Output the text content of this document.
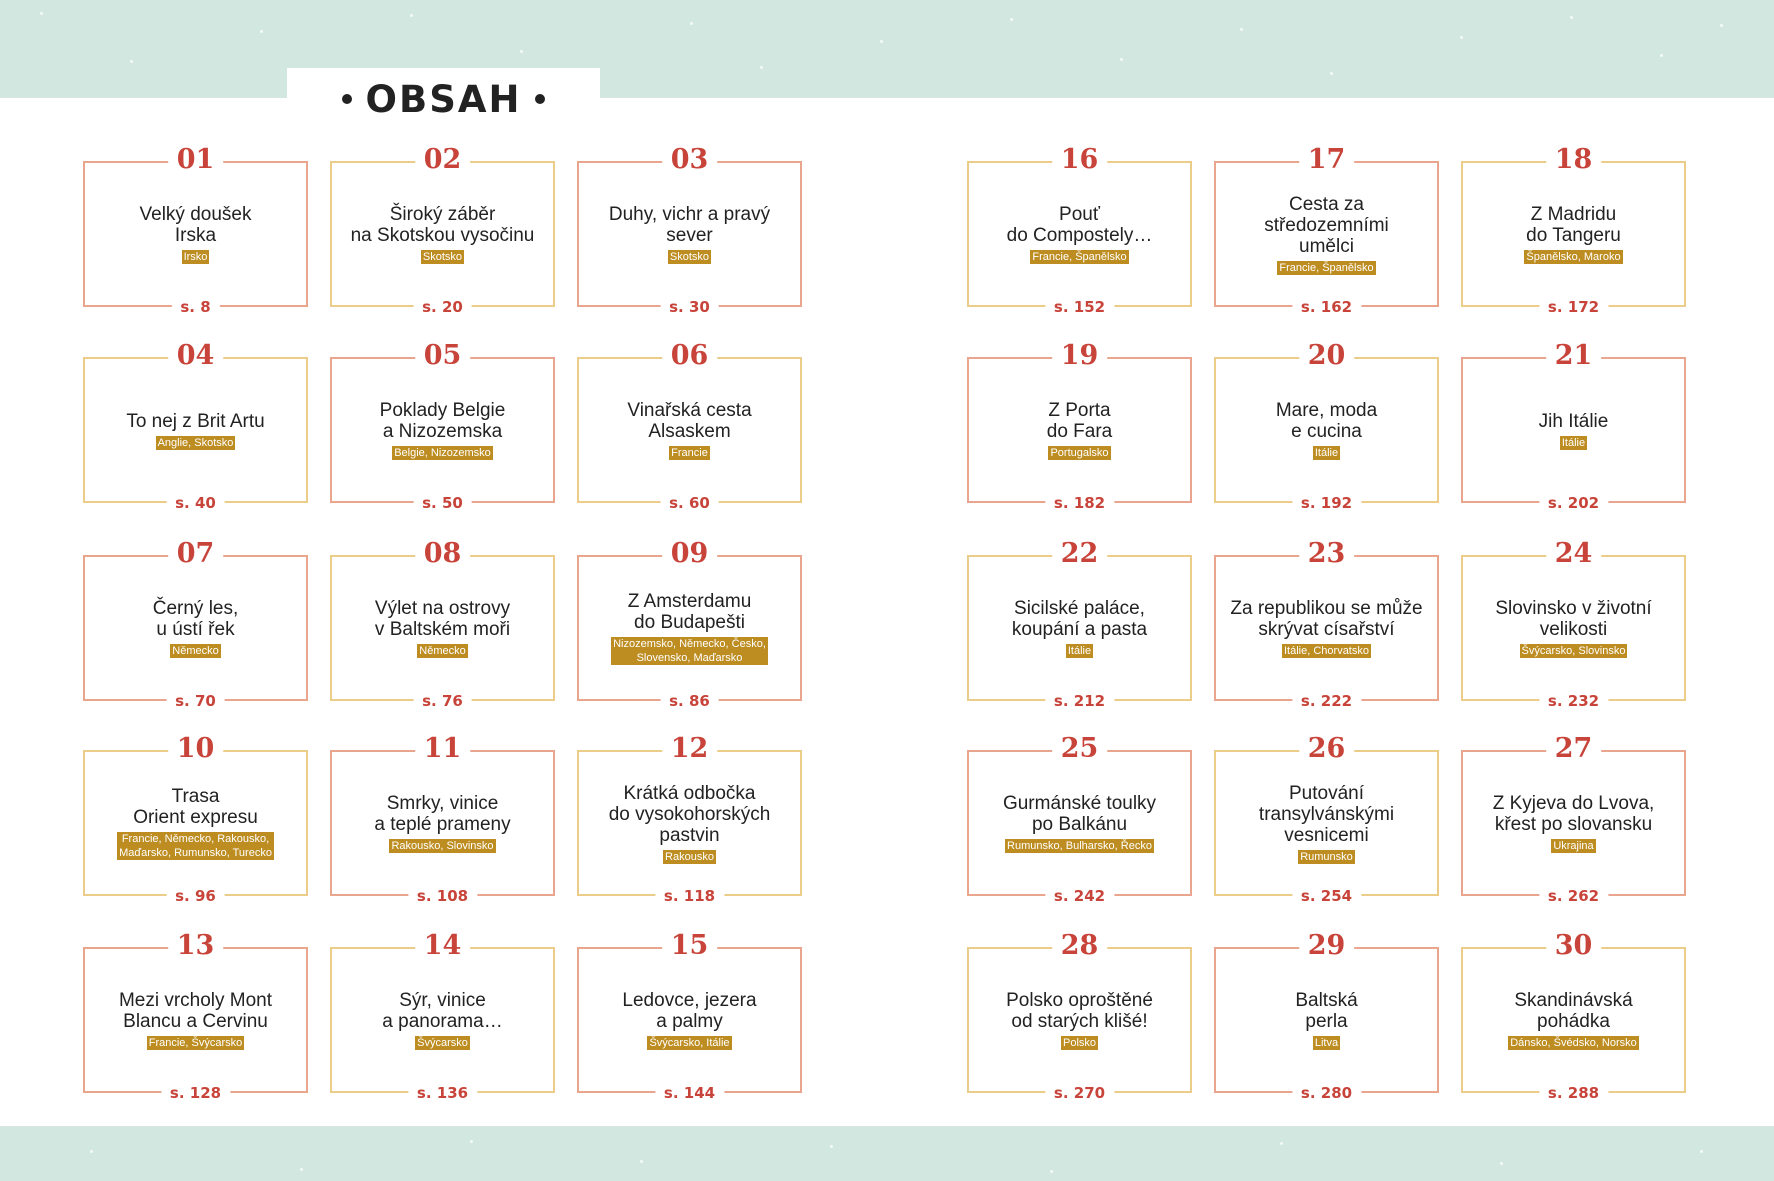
OBSAH
01
Velký doušek
Irska
Irsko
s. 8
02
Široký záběr
na Skotskou vysočinu
Skotsko
s. 20
03
Duhy, vichr a pravý
sever
Skotsko
s. 30
04
To nej z Brit Artu
Anglie, Skotsko
s. 40
05
Poklady Belgie
a Nizozemska
Belgie, Nizozemsko
s. 50
06
Vinařská cesta
Alsaskem
Francie
s. 60
07
Černý les,
u ústí řek
Německo
s. 70
08
Výlet na ostrovy
v Baltském moři
Německo
s. 76
09
Z Amsterdamu
do Budapešti
Nizozemsko, Německo, Česko,
Slovensko, Maďarsko
s. 86
10
Trasa
Orient expresu
Francie, Německo, Rakousko,
Maďarsko, Rumunsko, Turecko
s. 96
11
Smrky, vinice
a teplé prameny
Rakousko, Slovinsko
s. 108
12
Krátká odbočka
do vysokohorských
pastvin
Rakousko
s. 118
13
Mezi vrcholy Mont
Blancu a Cervinu
Francie, Švýcarsko
s. 128
14
Sýr, vinice
a panorama…
Švýcarsko
s. 136
15
Ledovce, jezera
a palmy
Švýcarsko, Itálie
s. 144
16
Pouť
do Compostely…
Francie, Španělsko
s. 152
17
Cesta za
středozemními
umělci
Francie, Španělsko
s. 162
18
Z Madridu
do Tangeru
Španělsko, Maroko
s. 172
19
Z Porta
do Fara
Portugalsko
s. 182
20
Mare, moda
e cucina
Itálie
s. 192
21
Jih Itálie
Itálie
s. 202
22
Sicilské paláce,
koupání a pasta
Itálie
s. 212
23
Za republikou se může
skrývat císařství
Itálie, Chorvatsko
s. 222
24
Slovinsko v životní
velikosti
Švýcarsko, Slovinsko
s. 232
25
Gurmánské toulky
po Balkánu
Rumunsko, Bulharsko, Řecko
s. 242
26
Putování
transylvánskými
vesnicemi
Rumunsko
s. 254
27
Z Kyjeva do Lvova,
křest po slovansku
Ukrajina
s. 262
28
Polsko oproštěné
od starých klišé!
Polsko
s. 270
29
Baltská
perla
Litva
s. 280
30
Skandinávská
pohádka
Dánsko, Švédsko, Norsko
s. 288
